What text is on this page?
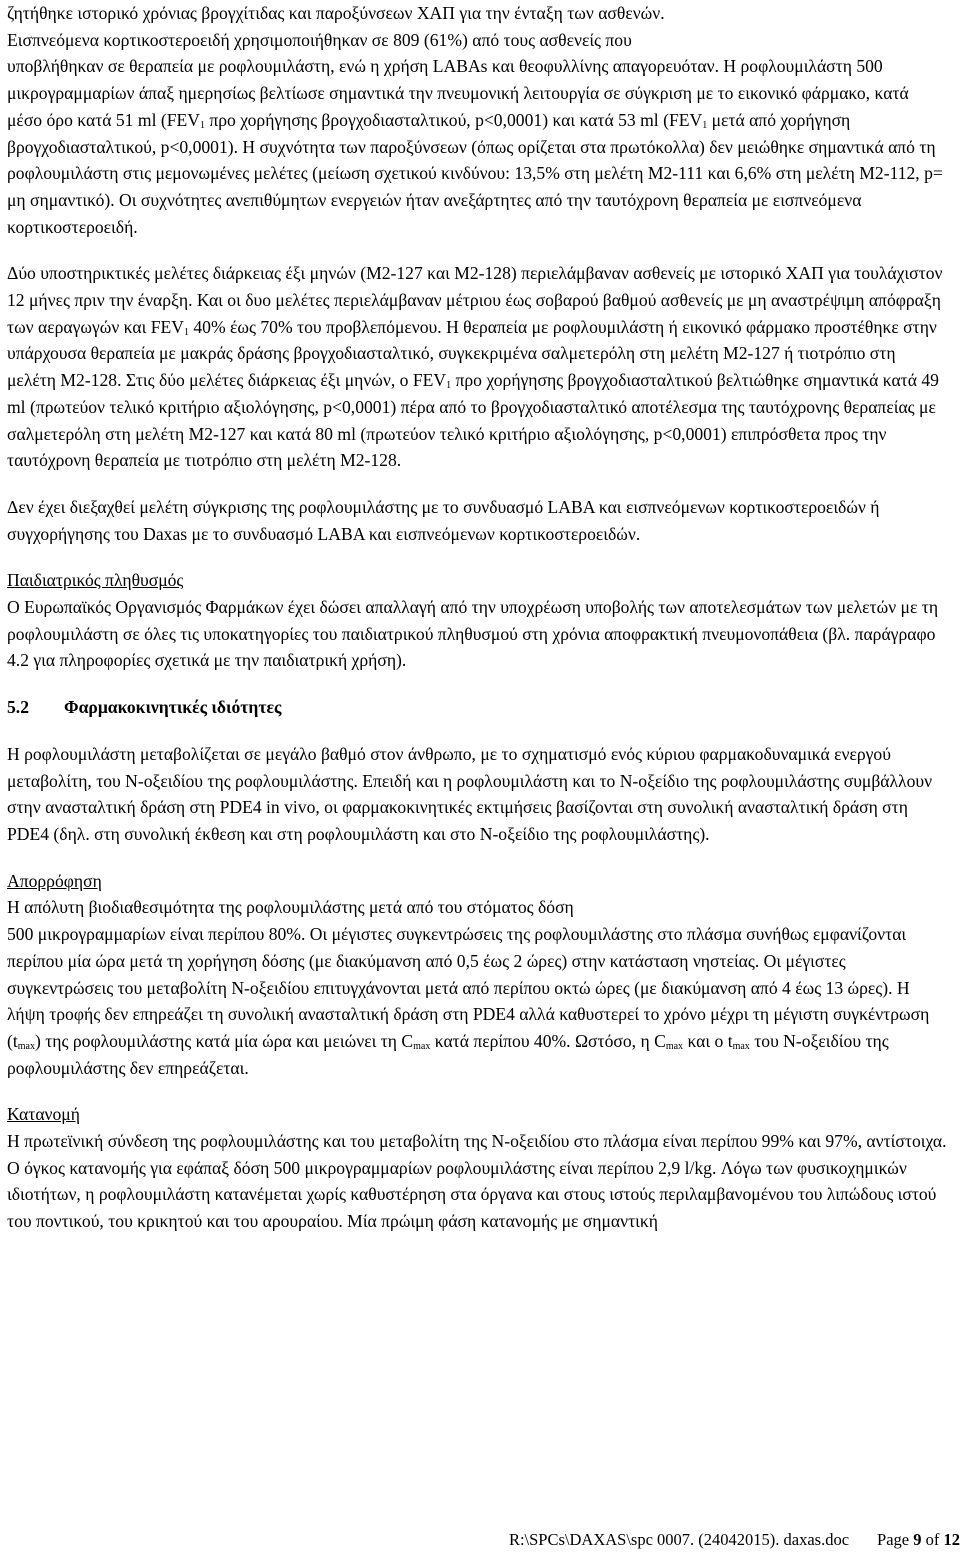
ζητήθηκε ιστορικό χρόνιας βρογχίτιδας και παροξύνσεων ΧΑΠ για την ένταξη των ασθενών.
Εισπνεόμενα κορτικοστεροειδή χρησιμοποιήθηκαν σε 809 (61%) από τους ασθενείς που
υποβλήθηκαν σε θεραπεία με ροφλουμιλάστη, ενώ η χρήση LABAs και θεοφυλλίνης απαγορευόταν. Η ροφλουμιλάστη 500 μικρογραμμαρίων άπαξ ημερησίως βελτίωσε σημαντικά την πνευμονική λειτουργία σε σύγκριση με το εικονικό φάρμακο, κατά μέσο όρο κατά 51 ml ($FEV_1$ προ χορήγησης βρογχοδιασταλτικού, p<0,0001) και κατά 53 ml ($FEV_1$ μετά από χορήγηση βρογχοδιασταλτικού, p<0,0001). Η συχνότητα των παροξύνσεων (όπως ορίζεται στα πρωτόκολλα) δεν μειώθηκε σημαντικά από τη ροφλουμιλάστη στις μεμονωμένες μελέτες (μείωση σχετικού κινδύνου: 13,5% στη μελέτη M2-111 και 6,6% στη μελέτη M2-112, p= μη σημαντικό). Οι συχνότητες ανεπιθύμητων ενεργειών ήταν ανεξάρτητες από την ταυτόχρονη θεραπεία με εισπνεόμενα κορτικοστεροειδή.

Δύο υποστηρικτικές μελέτες διάρκειας έξι μηνών (M2-127 και M2-128) περιελάμβαναν ασθενείς με ιστορικό ΧΑΠ για τουλάχιστον 12 μήνες πριν την έναρξη. Και οι δυο μελέτες περιελάμβαναν μέτριου έως σοβαρού βαθμού ασθενείς με μη αναστρέψιμη απόφραξη των αεραγωγών και $FEV_1$ 40% έως 70% του προβλεπόμενου. Η θεραπεία με ροφλουμιλάστη ή εικονικό φάρμακο προστέθηκε στην υπάρχουσα θεραπεία με μακράς δράσης βρογχοδιασταλτικό, συγκεκριμένα σαλμετερόλη στη μελέτη M2-127 ή τιοτρόπιο στη μελέτη M2-128. Στις δύο μελέτες διάρκειας έξι μηνών, ο $FEV_1$ προ χορήγησης βρογχοδιασταλτικού βελτιώθηκε σημαντικά κατά 49 ml (πρωτεύον τελικό κριτήριο αξιολόγησης, p<0,0001) πέρα από το βρογχοδιασταλτικό αποτέλεσμα της ταυτόχρονης θεραπείας με σαλμετερόλη στη μελέτη M2-127 και κατά 80 ml (πρωτεύον τελικό κριτήριο αξιολόγησης, p<0,0001) επιπρόσθετα προς την ταυτόχρονη θεραπεία με τιοτρόπιο στη μελέτη M2-128.

Δεν έχει διεξαχθεί μελέτη σύγκρισης της ροφλουμιλάστης με το συνδυασμό LABA και εισπνεόμενων κορτικοστεροειδών ή συγχορήγησης του Daxas με το συνδυασμό LABA και εισπνεόμενων κορτικοστεροειδών.

Παιδιατρικός πληθυσμός

Ο Ευρωπαϊκός Οργανισμός Φαρμάκων έχει δώσει απαλλαγή από την υποχρέωση υποβολής των αποτελεσμάτων των μελετών με τη ροφλουμιλάστη σε όλες τις υποκατηγορίες του παιδιατρικού πληθυσμού στη χρόνια αποφρακτική πνευμονοπάθεια (βλ. παράγραφο 4.2 για πληροφορίες σχετικά με την παιδιατρική χρήση).

5.2	Φαρμακοκινητικές ιδιότητες

Η ροφλουμιλάστη μεταβολίζεται σε μεγάλο βαθμό στον άνθρωπο, με το σχηματισμό ενός κύριου φαρμακοδυναμικά ενεργού μεταβολίτη, του N-οξειδίου της ροφλουμιλάστης. Επειδή και η ροφλουμιλάστη και το N-οξείδιο της ροφλουμιλάστης συμβάλλουν στην ανασταλτική δράση στη PDE4 in vivo, οι φαρμακοκινητικές εκτιμήσεις βασίζονται στη συνολική ανασταλτική δράση στη PDE4 (δηλ. στη συνολική έκθεση και στη ροφλουμιλάστη και στο N-οξείδιο της ροφλουμιλάστης).

Απορρόφηση

Η απόλυτη βιοδιαθεσιμότητα της ροφλουμιλάστης μετά από του στόματος δόση
500 μικρογραμμαρίων είναι περίπου 80%. Οι μέγιστες συγκεντρώσεις της ροφλουμιλάστης στο πλάσμα συνήθως εμφανίζονται περίπου μία ώρα μετά τη χορήγηση δόσης (με διακύμανση από 0,5 έως 2 ώρες) στην κατάσταση νηστείας. Οι μέγιστες συγκεντρώσεις του μεταβολίτη N-οξειδίου επιτυγχάνονται μετά από περίπου οκτώ ώρες (με διακύμανση από 4 έως 13 ώρες). Η λήψη τροφής δεν επηρεάζει τη συνολική ανασταλτική δράση στη PDE4 αλλά καθυστερεί το χρόνο μέχρι τη μέγιστη συγκέντρωση $(t_{max})$ της ροφλουμιλάστης κατά μία ώρα και μειώνει τη $C_{max}$ κατά περίπου 40%. Ωστόσο, η $C_{max}$ και ο $t_{max}$ του N-οξειδίου της ροφλουμιλάστης δεν επηρεάζεται.

Κατανομή

Η πρωτεϊνική σύνδεση της ροφλουμιλάστης και του μεταβολίτη της N-οξειδίου στο πλάσμα είναι περίπου 99% και 97%, αντίστοιχα. Ο όγκος κατανομής για εφάπαξ δόση 500 μικρογραμμαρίων ροφλουμιλάστης είναι περίπου 2,9 l/kg. Λόγω των φυσικοχημικών ιδιοτήτων, η ροφλουμιλάστη κατανέμεται χωρίς καθυστέρηση στα όργανα και στους ιστούς περιλαμβανομένου του λιπώδους ιστού του ποντικού, του κρικητού και του αρουραίου. Μία πρώιμη φάση κατανομής με σημαντική

R:\SPCs\DAXAS\spc 0007. (24042015). daxas.doc Page 9 of 12
